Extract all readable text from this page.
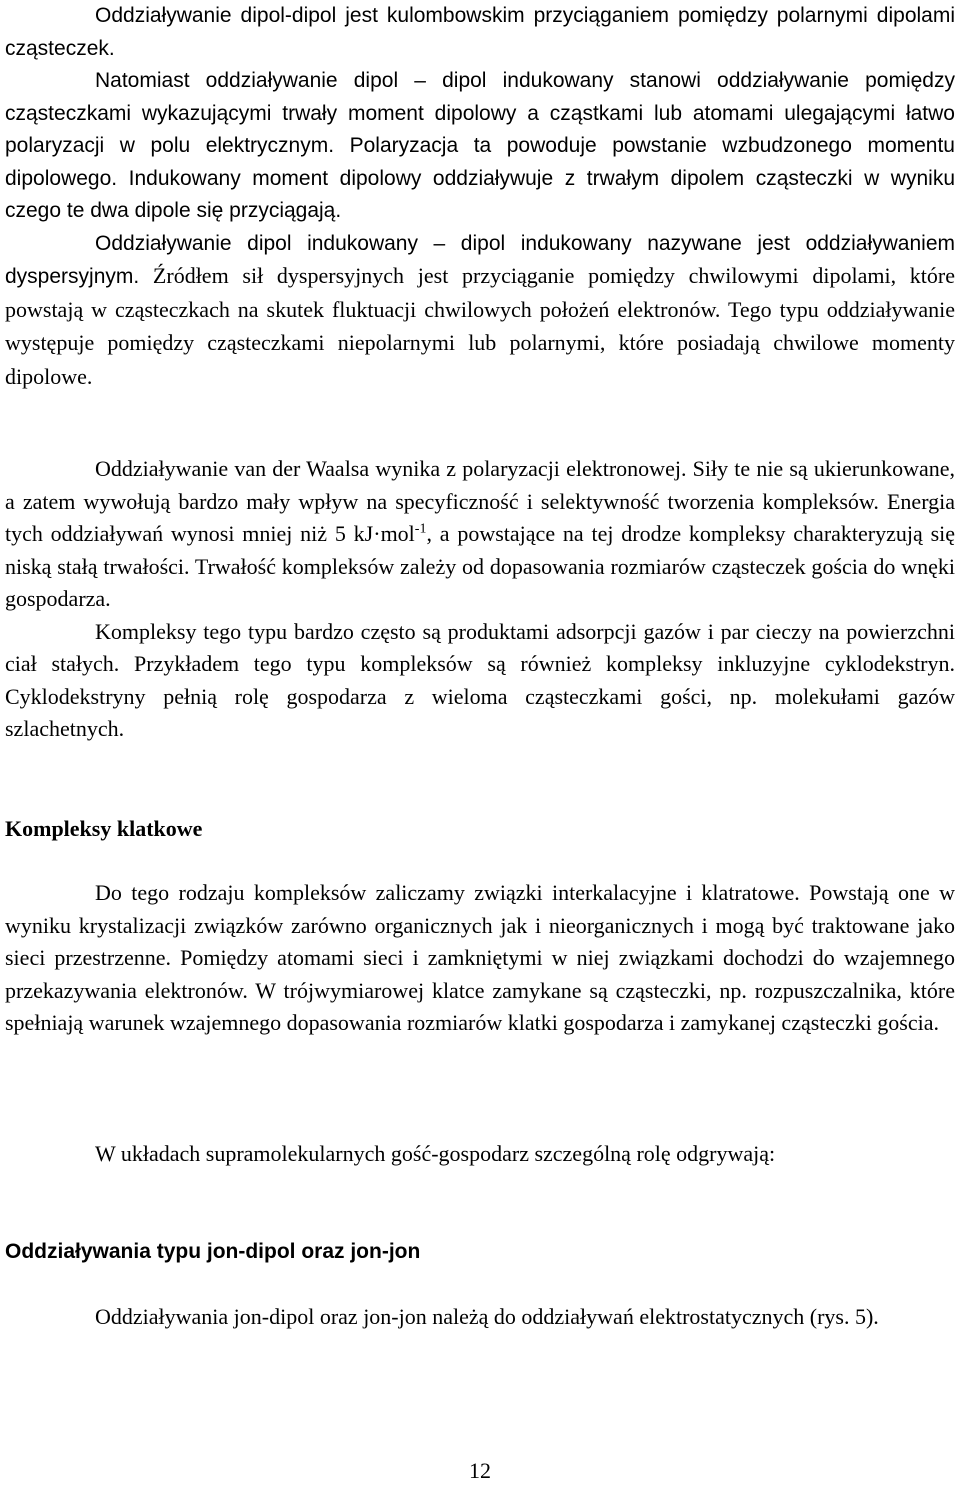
Oddziaływanie dipol-dipol jest kulombowskim przyciąganiem pomiędzy polarnymi dipolami cząsteczek.

Natomiast oddziaływanie dipol – dipol indukowany stanowi oddziaływanie pomiędzy cząsteczkami wykazującymi trwały moment dipolowy a cząstkami lub atomami ulegającymi łatwo polaryzacji w polu elektrycznym. Polaryzacja ta powoduje powstanie wzbudzonego momentu dipolowego. Indukowany moment dipolowy oddziaływuje z trwałym dipolem cząsteczki w wyniku czego te dwa dipole się przyciągają.

Oddziaływanie dipol indukowany – dipol indukowany nazywane jest oddziaływaniem dyspersyjnym. Źródłem sił dyspersyjnych jest przyciąganie pomiędzy chwilowymi dipolami, które powstają w cząsteczkach na skutek fluktuacji chwilowych położeń elektronów. Tego typu oddziaływanie występuje pomiędzy cząsteczkami niepolarnymi lub polarnymi, które posiadają chwilowe momenty dipolowe.

Oddziaływanie van der Waalsa wynika z polaryzacji elektronowej. Siły te nie są ukierunkowane, a zatem wywołują bardzo mały wpływ na specyficzność i selektywność tworzenia kompleksów. Energia tych oddziaływań wynosi mniej niż 5 kJ·mol$^{-1}$, a powstające na tej drodze kompleksy charakteryzują się niską stałą trwałości. Trwałość kompleksów zależy od dopasowania rozmiarów cząsteczek gościa do wnęki gospodarza.

Kompleksy tego typu bardzo często są produktami adsorpcji gazów i par cieczy na powierzchni ciał stałych. Przykładem tego typu kompleksów są również kompleksy inkluzyjne cyklodekstryn. Cyklodekstryny pełnią rolę gospodarza z wieloma cząsteczkami gości, np. molekułami gazów szlachetnych.

Kompleksy klatkowe

Do tego rodzaju kompleksów zaliczamy związki interkalacyjne i klatratowe. Powstają one w wyniku krystalizacji związków zarówno organicznych jak i nieorganicznych i mogą być traktowane jako sieci przestrzenne. Pomiędzy atomami sieci i zamkniętymi w niej związkami dochodzi do wzajemnego przekazywania elektronów. W trójwymiarowej klatce zamykane są cząsteczki, np. rozpuszczalnika, które spełniają warunek wzajemnego dopasowania rozmiarów klatki gospodarza i zamykanej cząsteczki gościa.

W układach supramolekularnych gość-gospodarz szczególną rolę odgrywają:

Oddziaływania typu jon-dipol oraz jon-jon

Oddziaływania jon-dipol oraz jon-jon należą do oddziaływań elektrostatycznych (rys. 5).

12
